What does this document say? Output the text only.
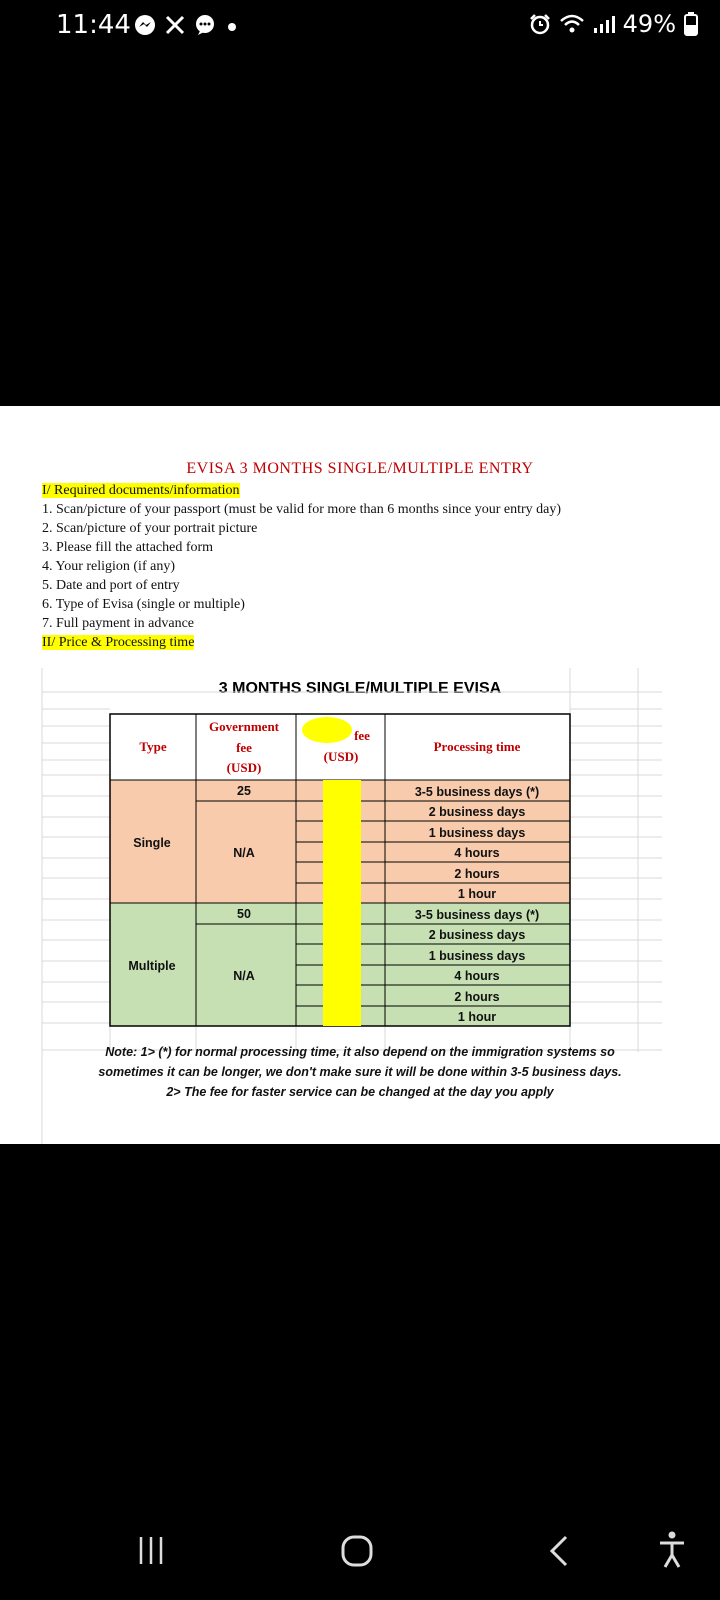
11:44	49%
EVISA 3 MONTHS SINGLE/MULTIPLE ENTRY
I/ Required documents/information
1. Scan/picture of your passport (must be valid for more than 6 months since your entry day)
2. Scan/picture of your portrait picture
3. Please fill the attached form
4. Your religion (if any)
5. Date and port of entry
6. Type of Evisa (single or multiple)
7. Full payment in advance
II/ Price & Processing time
3 MONTHS SINGLE/MULTIPLE EVISA
Type
Government
fee
(USD)
fee
(USD)
Processing time
Single
25
N/A
3-5 business days (*)
2 business days
1 business days
4 hours
2 hours
1 hour
Multiple
50
N/A
3-5 business days (*)
2 business days
1 business days
4 hours
2 hours
1 hour
Note: 1> (*) for normal processing time, it also depend on the immigration systems so
sometimes it can be longer, we don't make sure it will be done within 3-5 business days.
2> The fee for faster service can be changed at the day you apply
